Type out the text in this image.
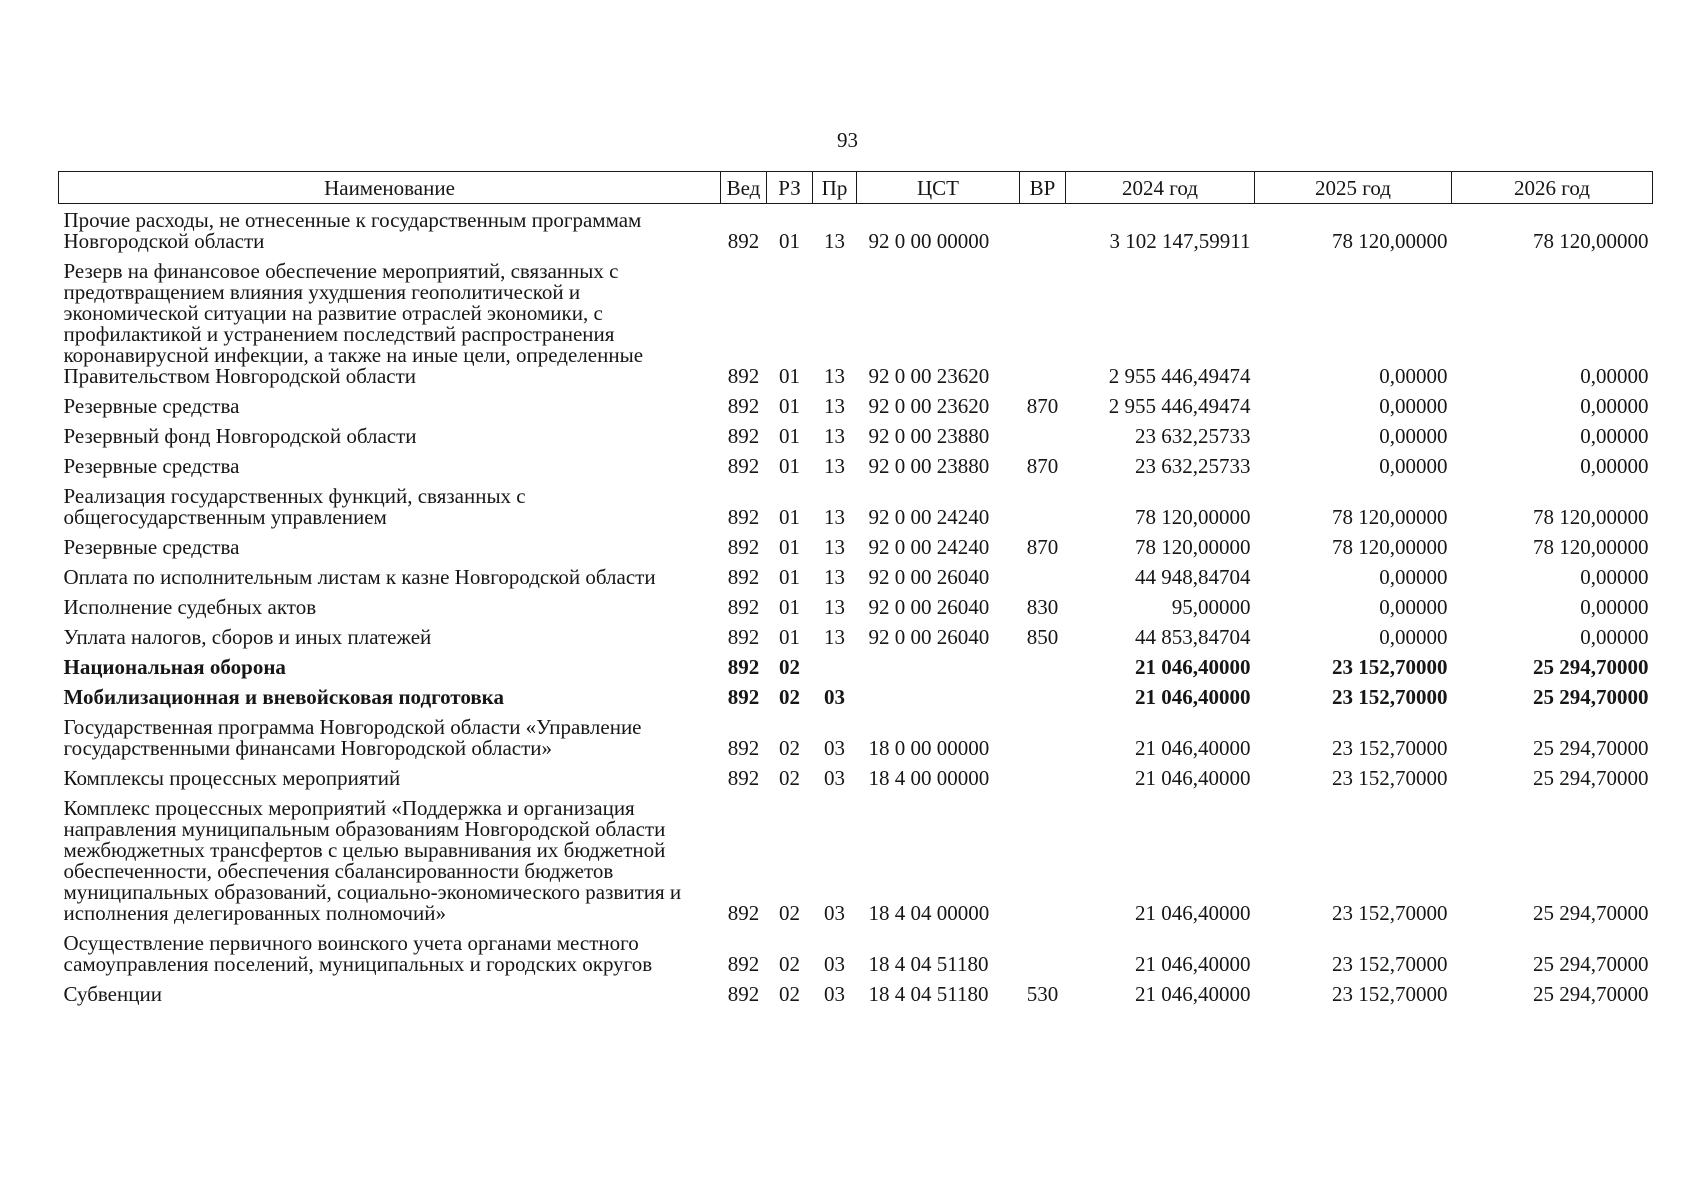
93
Наименование	Вед	РЗ	Пр	ЦСТ	ВР	2024 год	2025 год	2026 год
Прочие расходы, не отнесенные к государственным программам Новгородской области	892	01	13	92 0 00 00000		3 102 147,59911	78 120,00000	78 120,00000
Резерв на финансовое обеспечение мероприятий, связанных с предотвращением влияния ухудшения геополитической и экономической ситуации на развитие отраслей экономики, с профилактикой и устранением последствий распространения коронавирусной инфекции, а также на иные цели, определенные Правительством Новгородской области	892	01	13	92 0 00 23620		2 955 446,49474	0,00000	0,00000
Резервные средства	892	01	13	92 0 00 23620	870	2 955 446,49474	0,00000	0,00000
Резервный фонд Новгородской области	892	01	13	92 0 00 23880		23 632,25733	0,00000	0,00000
Резервные средства	892	01	13	92 0 00 23880	870	23 632,25733	0,00000	0,00000
Реализация государственных функций, связанных с общегосударственным управлением	892	01	13	92 0 00 24240		78 120,00000	78 120,00000	78 120,00000
Резервные средства	892	01	13	92 0 00 24240	870	78 120,00000	78 120,00000	78 120,00000
Оплата по исполнительным листам к казне Новгородской области	892	01	13	92 0 00 26040		44 948,84704	0,00000	0,00000
Исполнение судебных актов	892	01	13	92 0 00 26040	830	95,00000	0,00000	0,00000
Уплата налогов, сборов и иных платежей	892	01	13	92 0 00 26040	850	44 853,84704	0,00000	0,00000
Национальная оборона	892	02				21 046,40000	23 152,70000	25 294,70000
Мобилизационная и вневойсковая подготовка	892	02	03			21 046,40000	23 152,70000	25 294,70000
Государственная программа Новгородской области «Управление государственными финансами Новгородской области»	892	02	03	18 0 00 00000		21 046,40000	23 152,70000	25 294,70000
Комплексы процессных мероприятий	892	02	03	18 4 00 00000		21 046,40000	23 152,70000	25 294,70000
Комплекс процессных мероприятий «Поддержка и организация направления муниципальным образованиям Новгородской области межбюджетных трансфертов с целью выравнивания их бюджетной обеспеченности, обеспечения сбалансированности бюджетов муниципальных образований, социально-экономического развития и исполнения делегированных полномочий»	892	02	03	18 4 04 00000		21 046,40000	23 152,70000	25 294,70000
Осуществление первичного воинского учета органами местного самоуправления поселений, муниципальных и городских округов	892	02	03	18 4 04 51180		21 046,40000	23 152,70000	25 294,70000
Субвенции	892	02	03	18 4 04 51180	530	21 046,40000	23 152,70000	25 294,70000
